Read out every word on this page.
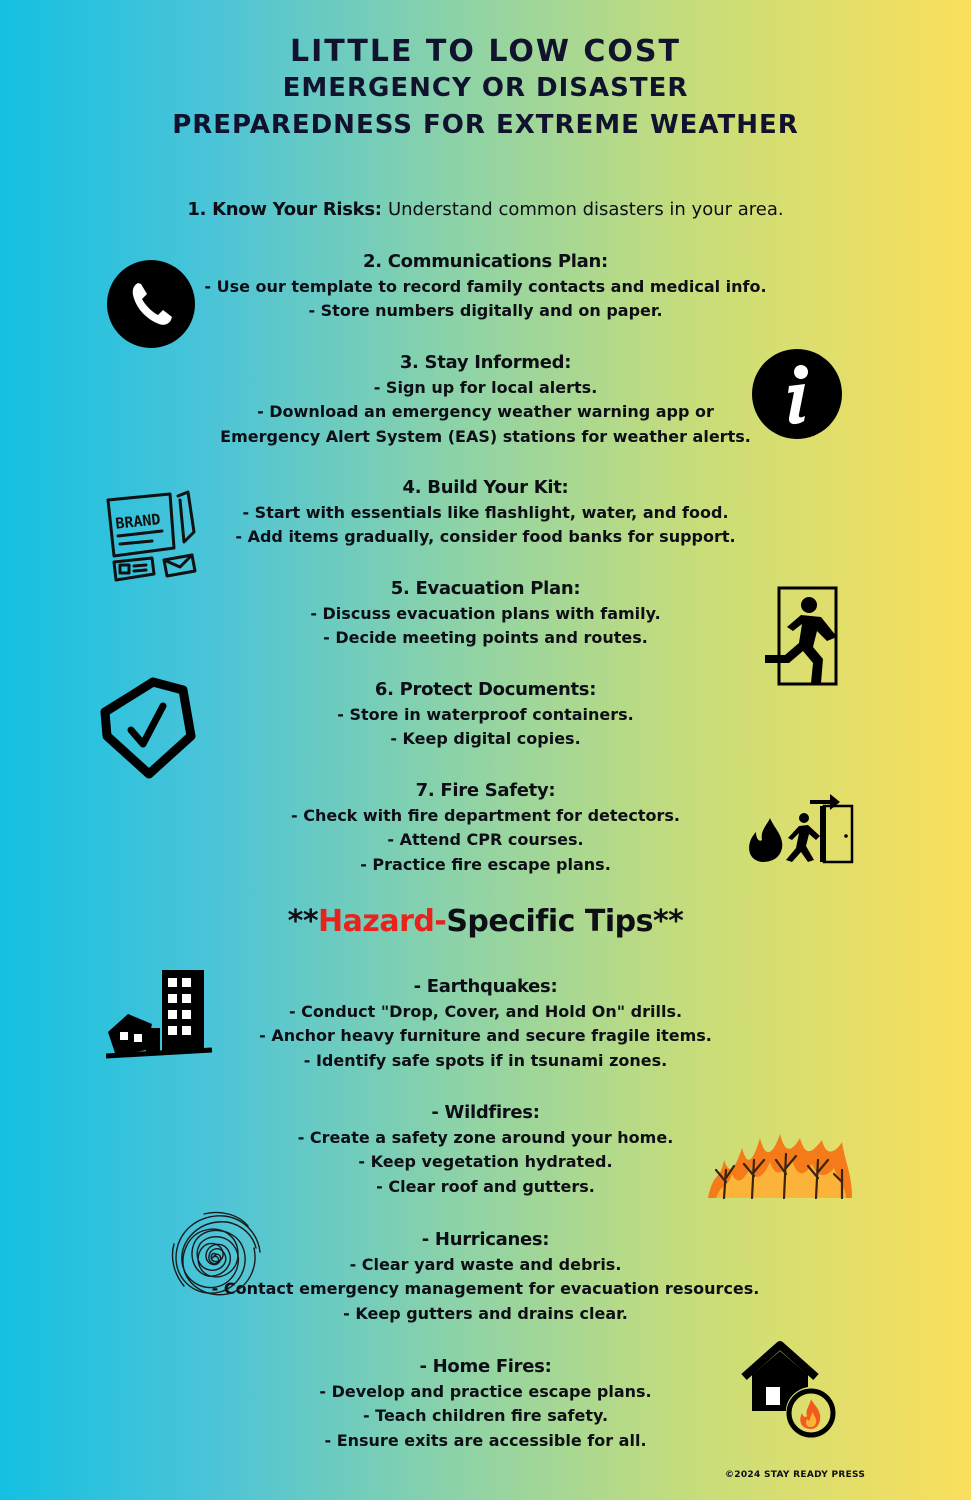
LITTLE TO LOW COST
EMERGENCY OR DISASTER
PREPAREDNESS FOR EXTREME WEATHER
1. Know Your Risks: Understand common disasters in your area.
2. Communications Plan:
- Use our template to record family contacts and medical info.
- Store numbers digitally and on paper.
3. Stay Informed:
- Sign up for local alerts.
- Download an emergency weather warning app or
Emergency Alert System (EAS) stations for weather alerts.
4. Build Your Kit:
- Start with essentials like flashlight, water, and food.
- Add items gradually, consider food banks for support.
5. Evacuation Plan:
- Discuss evacuation plans with family.
- Decide meeting points and routes.
6. Protect Documents:
- Store in waterproof containers.
- Keep digital copies.
7. Fire Safety:
- Check with fire department for detectors.
- Attend CPR courses.
- Practice fire escape plans.
**Hazard-Specific Tips**
- Earthquakes:
- Conduct "Drop, Cover, and Hold On" drills.
- Anchor heavy furniture and secure fragile items.
- Identify safe spots if in tsunami zones.
- Wildfires:
- Create a safety zone around your home.
- Keep vegetation hydrated.
- Clear roof and gutters.
- Hurricanes:
- Clear yard waste and debris.
- Contact emergency management for evacuation resources.
- Keep gutters and drains clear.
- Home Fires:
- Develop and practice escape plans.
- Teach children fire safety.
- Ensure exits are accessible for all.
BRAND
©2024 STAY READY PRESS
